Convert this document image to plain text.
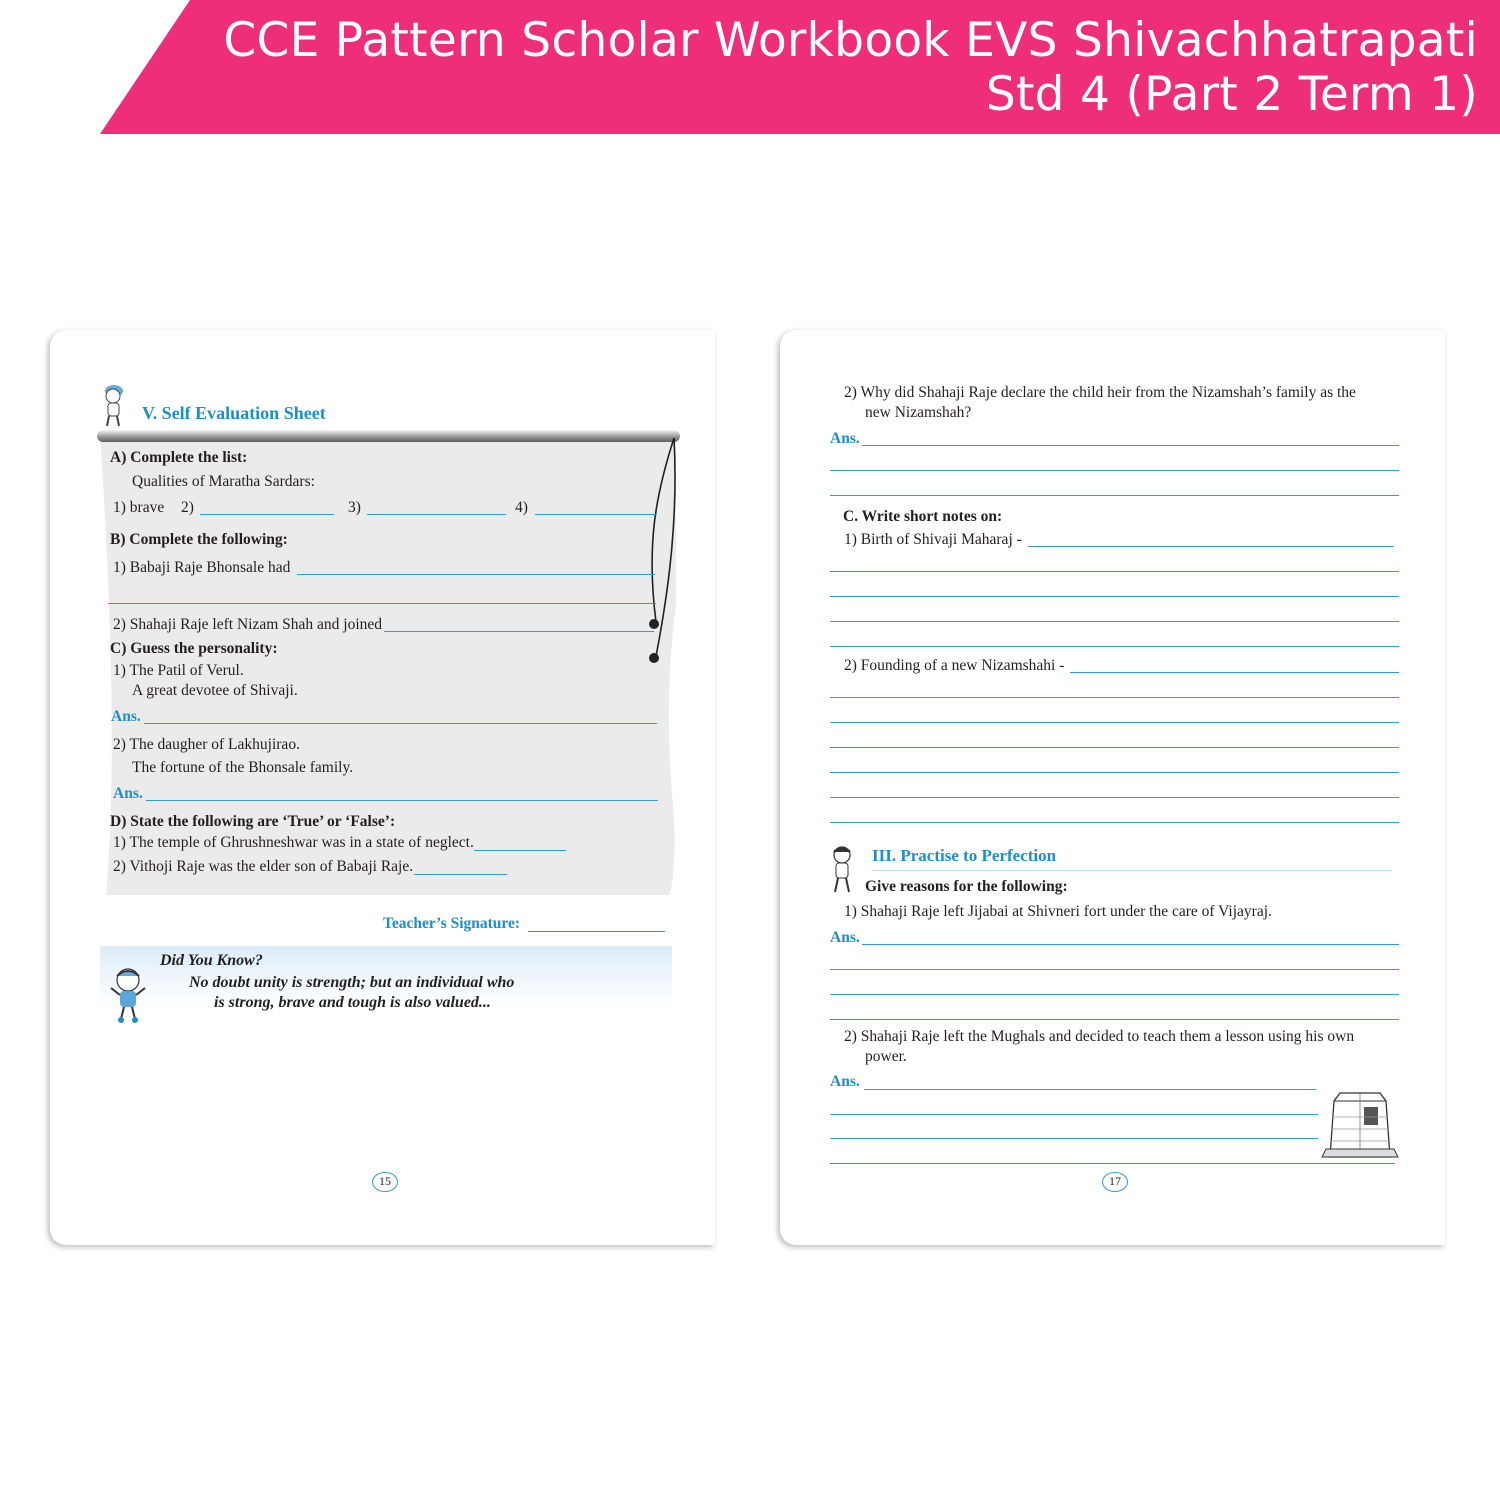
CCE Pattern Scholar Workbook EVS Shivachhatrapati
Std 4 (Part 2 Term 1)
V. Self Evaluation Sheet
A) Complete the list:
Qualities of Maratha Sardars:
1) brave 2)	3)	4)
B) Complete the following:
1) Babaji Raje Bhonsale had
2) Shahaji Raje left Nizam Shah and joined
C) Guess the personality:
1) The Patil of Verul.
A great devotee of Shivaji.
Ans.
2) The daugher of Lakhujirao.
The fortune of the Bhonsale family.
Ans.
D) State the following are ‘True’ or ‘False’:
1) The temple of Ghrushneshwar was in a state of neglect.
2) Vithoji Raje was the elder son of Babaji Raje.
Teacher’s Signature:
Did You Know?
No doubt unity is strength; but an individual who
is strong, brave and tough is also valued...
15
2) Why did Shahaji Raje declare the child heir from the Nizamshah’s family as the
new Nizamshah?
Ans.
C. Write short notes on:
1) Birth of Shivaji Maharaj -
2) Founding of a new Nizamshahi -
III. Practise to Perfection
Give reasons for the following:
1) Shahaji Raje left Jijabai at Shivneri fort under the care of Vijayraj.
Ans.
2) Shahaji Raje left the Mughals and decided to teach them a lesson using his own
power.
Ans.
17
